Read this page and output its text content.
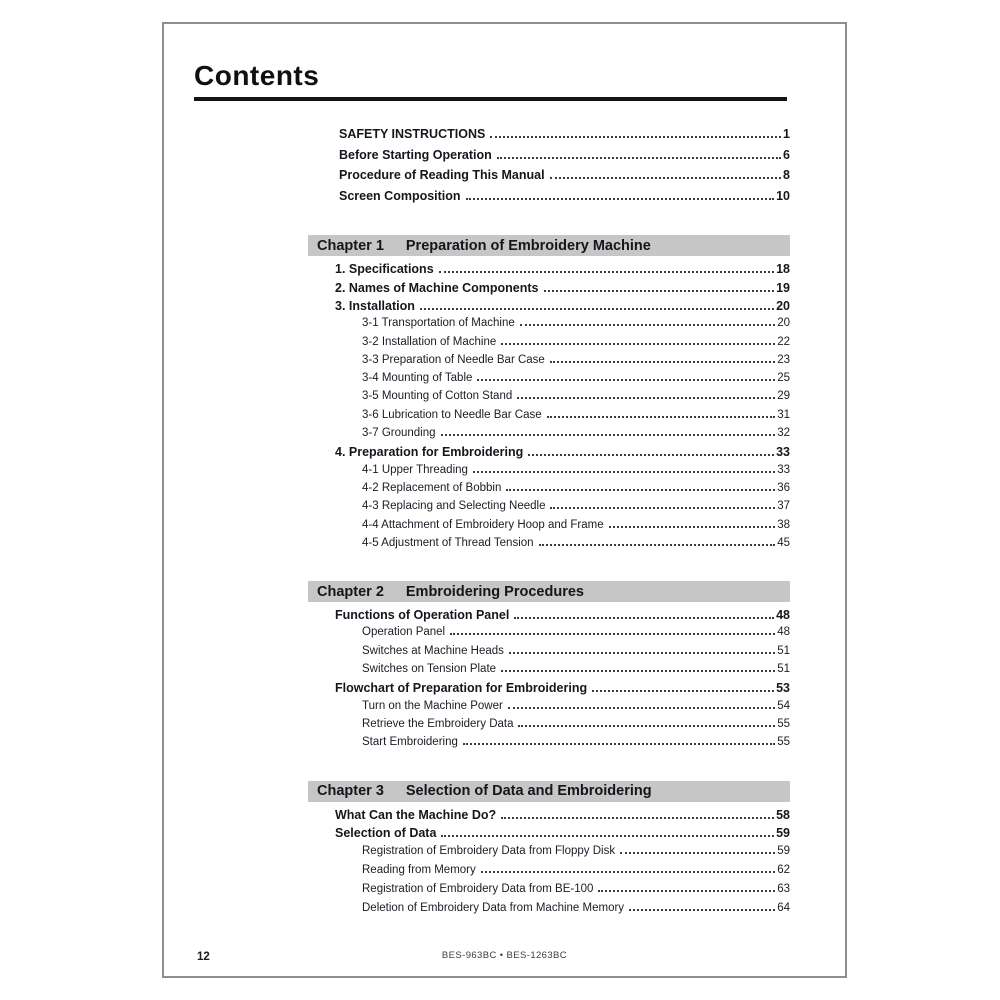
Contents
SAFETY INSTRUCTIONS	1
Before Starting Operation	6
Procedure of Reading This Manual	8
Screen Composition	10
Chapter 1 Preparation of Embroidery Machine
1. Specifications	18
2. Names of Machine Components	19
3. Installation	20
3-1 Transportation of Machine	20
3-2 Installation of Machine	22
3-3 Preparation of Needle Bar Case	23
3-4 Mounting of Table	25
3-5 Mounting of Cotton Stand	29
3-6 Lubrication to Needle Bar Case	31
3-7 Grounding	32
4. Preparation for Embroidering	33
4-1 Upper Threading	33
4-2 Replacement of Bobbin	36
4-3 Replacing and Selecting Needle	37
4-4 Attachment of Embroidery Hoop and Frame	38
4-5 Adjustment of Thread Tension	45
Chapter 2 Embroidering Procedures
Functions of Operation Panel	48
Operation Panel	48
Switches at Machine Heads	51
Switches on Tension Plate	51
Flowchart of Preparation for Embroidering	53
Turn on the Machine Power	54
Retrieve the Embroidery Data	55
Start Embroidering	55
Chapter 3 Selection of Data and Embroidering
What Can the Machine Do?	58
Selection of Data	59
Registration of Embroidery Data from Floppy Disk	59
Reading from Memory	62
Registration of Embroidery Data from BE-100	63
Deletion of Embroidery Data from Machine Memory	64
12	BES-963BC • BES-1263BC
